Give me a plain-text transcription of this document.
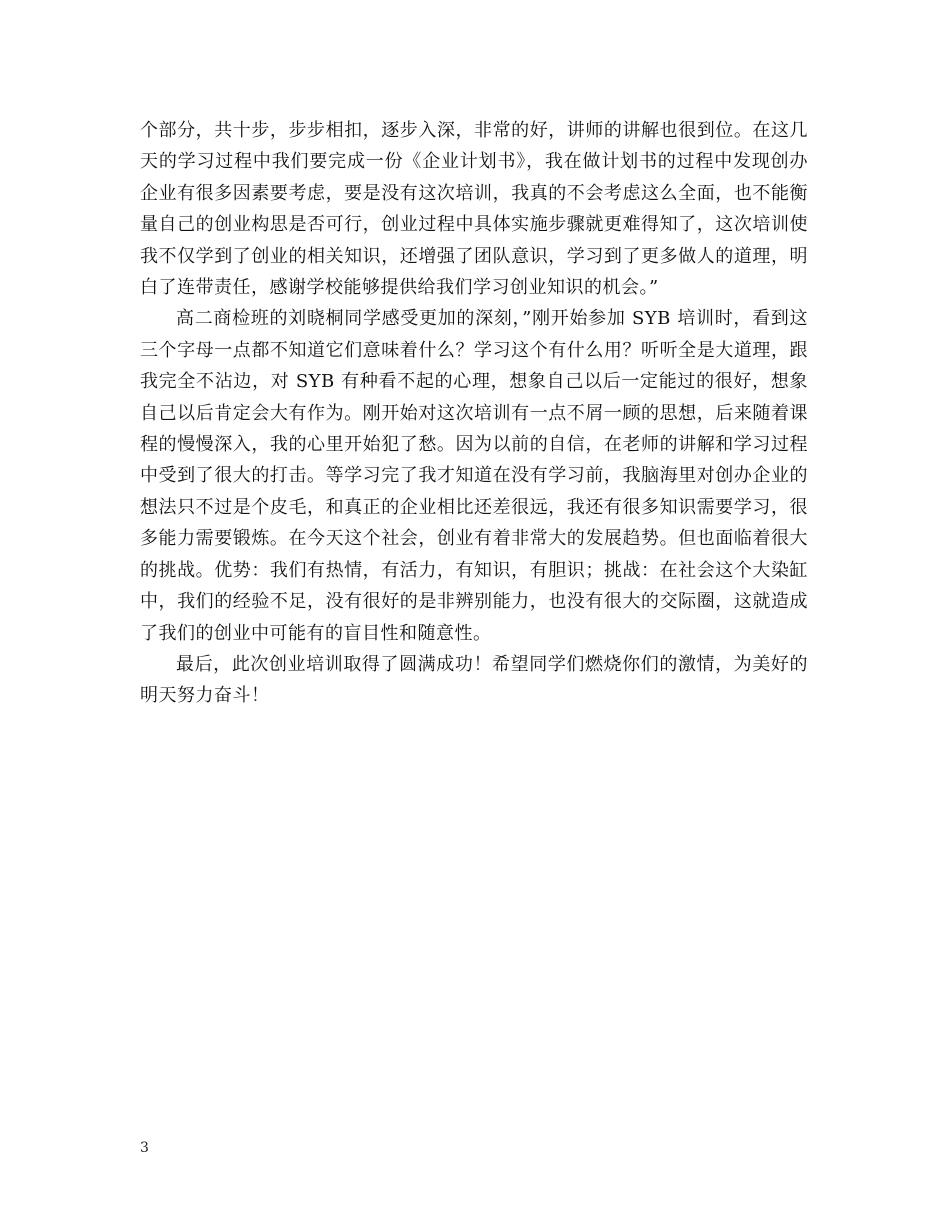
个部分，共十步，步步相扣，逐步入深，非常的好，讲师的讲解也很到位。在这几天的学习过程中我们要完成一份《企业计划书》，我在做计划书的过程中发现创办企业有很多因素要考虑，要是没有这次培训，我真的不会考虑这么全面，也不能衡量自己的创业构思是否可行，创业过程中具体实施步骤就更难得知了，这次培训使我不仅学到了创业的相关知识，还增强了团队意识，学习到了更多做人的道理，明白了连带责任，感谢学校能够提供给我们学习创业知识的机会。”

高二商检班的刘晓桐同学感受更加的深刻，”刚开始参加 SYB 培训时，看到这三个字母一点都不知道它们意味着什么？学习这个有什么用？听听全是大道理，跟我完全不沾边，对 SYB 有种看不起的心理，想象自己以后一定能过的很好，想象自己以后肯定会大有作为。刚开始对这次培训有一点不屑一顾的思想，后来随着课程的慢慢深入，我的心里开始犯了愁。因为以前的自信，在老师的讲解和学习过程中受到了很大的打击。等学习完了我才知道在没有学习前，我脑海里对创办企业的想法只不过是个皮毛，和真正的企业相比还差很远，我还有很多知识需要学习，很多能力需要锻炼。在今天这个社会，创业有着非常大的发展趋势。但也面临着很大的挑战。优势：我们有热情，有活力，有知识，有胆识；挑战：在社会这个大染缸中，我们的经验不足，没有很好的是非辨别能力，也没有很大的交际圈，这就造成了我们的创业中可能有的盲目性和随意性。

最后，此次创业培训取得了圆满成功！希望同学们燃烧你们的激情，为美好的明天努力奋斗！

3
